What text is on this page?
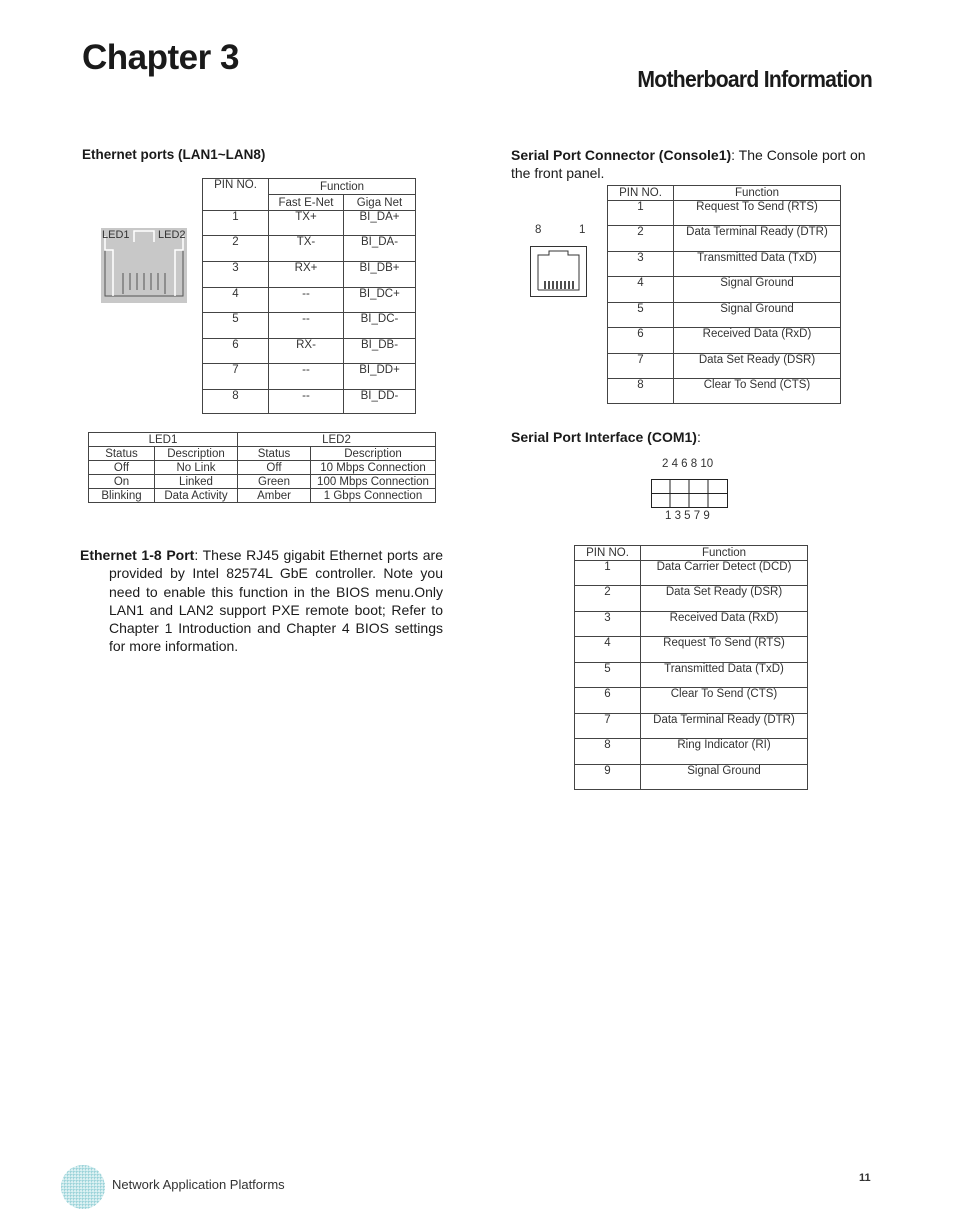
Chapter 3
Motherboard Information
Ethernet ports (LAN1~LAN8)
LED1	LED2
PIN NO.	Function	
	Fast E-Net	Giga Net
1	TX+	BI_DA+
2	TX-	BI_DA-
3	RX+	BI_DB+
4	--	BI_DC+
5	--	BI_DC-
6	RX-	BI_DB-
7	--	BI_DD+
8	--	BI_DD-
LED1		LED2	
Status	Description	Status	Description
Off	No Link	Off	10 Mbps Connection
On	Linked	Green	100 Mbps Connection
Blinking	Data Activity	Amber	1 Gbps Connection
Ethernet 1-8 Port: These RJ45 gigabit Ethernet ports are provided by Intel 82574L GbE controller. Note you need to enable this function in the BIOS menu.Only LAN1 and LAN2 support PXE remote boot; Refer to Chapter 1 Introduction and Chapter 4 BIOS settings for more information.
Serial Port Connector (Console1): The Console port on the front panel.
8	1
PIN NO.	Function
1	Request To Send (RTS)
2	Data Terminal Ready (DTR)
3	Transmitted Data (TxD)
4	Signal Ground
5	Signal Ground
6	Received Data (RxD)
7	Data Set Ready (DSR)
8	Clear To Send (CTS)
Serial Port Interface (COM1):
2 4 6 8 10
1 3 5 7 9
PIN NO.	Function
1	Data Carrier Detect (DCD)
2	Data Set Ready (DSR)
3	Received Data (RxD)
4	Request To Send (RTS)
5	Transmitted Data (TxD)
6	Clear To Send (CTS)
7	Data Terminal Ready (DTR)
8	Ring Indicator (RI)
9	Signal Ground
Network Application Platforms	11
